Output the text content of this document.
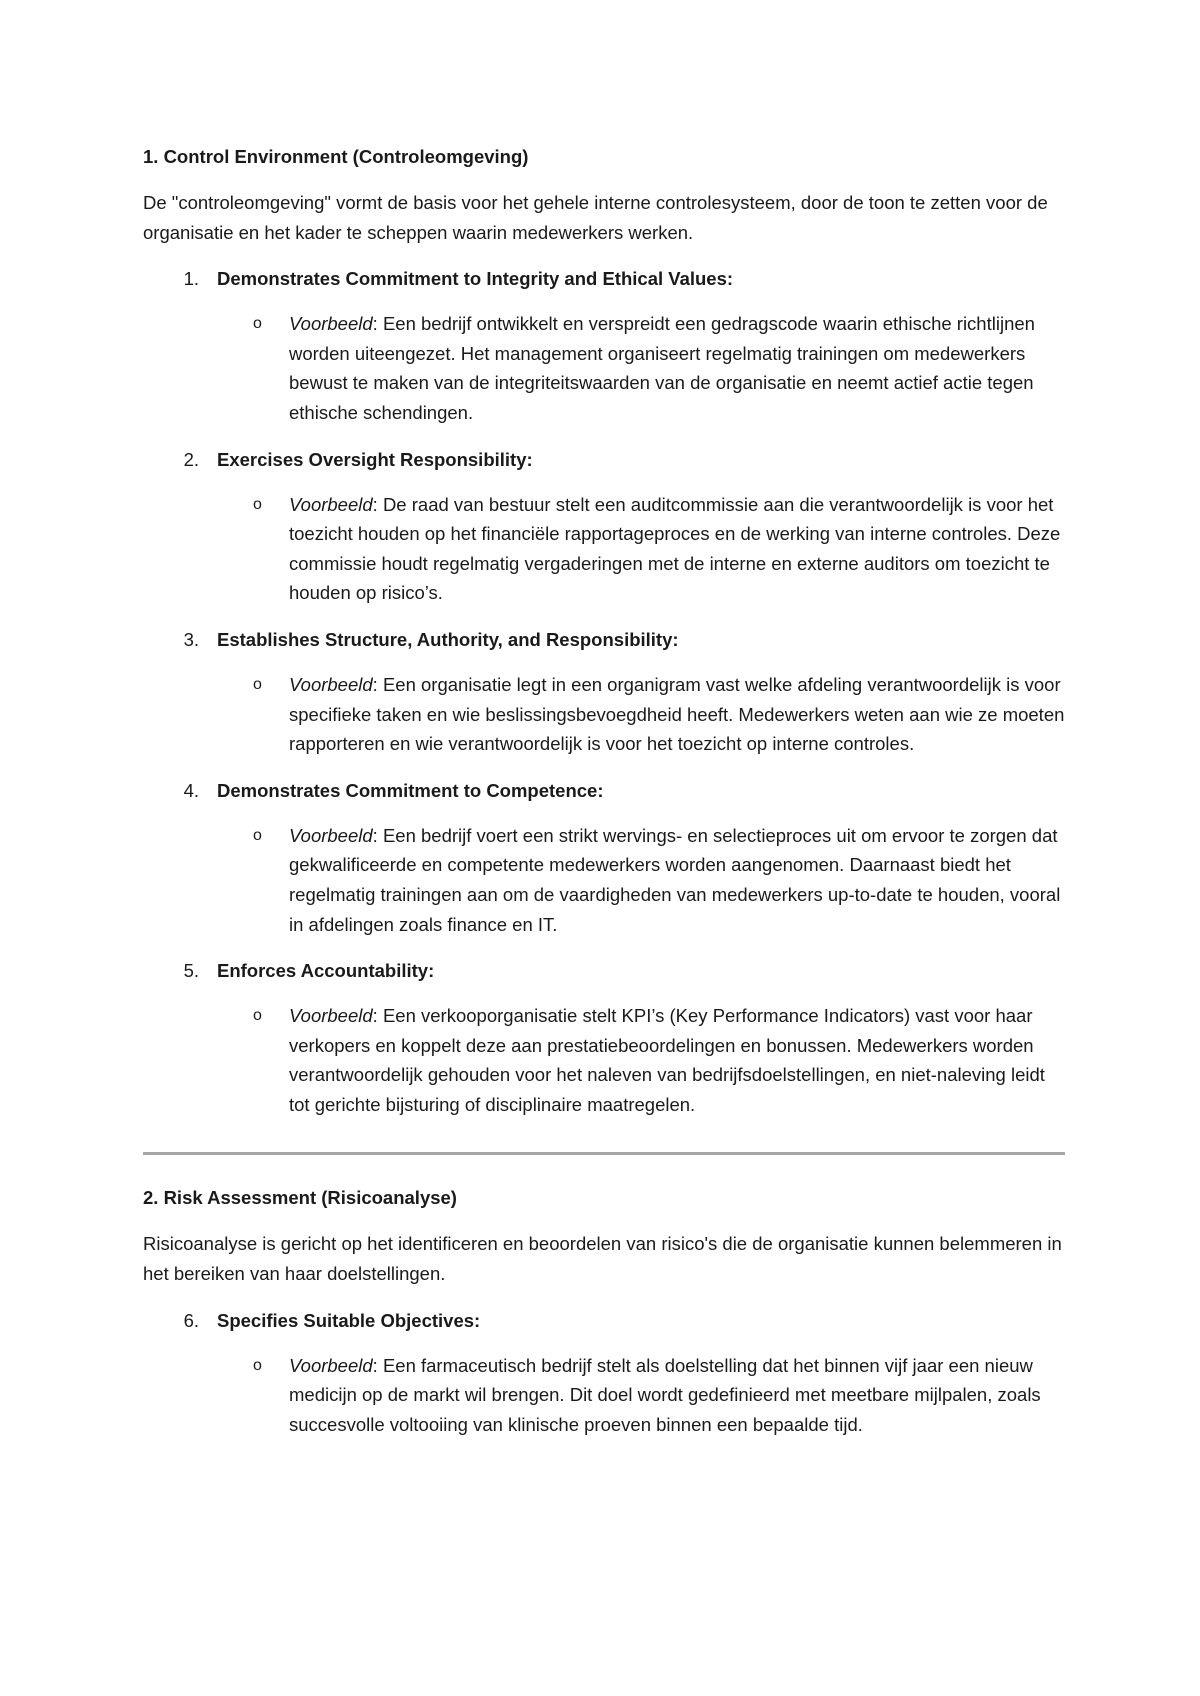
1. Control Environment (Controleomgeving)

De "controleomgeving" vormt de basis voor het gehele interne controlesysteem, door de toon te zetten voor de organisatie en het kader te scheppen waarin medewerkers werken.

1. Demonstrates Commitment to Integrity and Ethical Values:
o	Voorbeeld: Een bedrijf ontwikkelt en verspreidt een gedragscode waarin ethische richtlijnen worden uiteengezet. Het management organiseert regelmatig trainingen om medewerkers bewust te maken van de integriteitswaarden van de organisatie en neemt actief actie tegen ethische schendingen.
2. Exercises Oversight Responsibility:
o	Voorbeeld: De raad van bestuur stelt een auditcommissie aan die verantwoordelijk is voor het toezicht houden op het financiële rapportageproces en de werking van interne controles. Deze commissie houdt regelmatig vergaderingen met de interne en externe auditors om toezicht te houden op risico’s.
3. Establishes Structure, Authority, and Responsibility:
o	Voorbeeld: Een organisatie legt in een organigram vast welke afdeling verantwoordelijk is voor specifieke taken en wie beslissingsbevoegdheid heeft. Medewerkers weten aan wie ze moeten rapporteren en wie verantwoordelijk is voor het toezicht op interne controles.
4. Demonstrates Commitment to Competence:
o	Voorbeeld: Een bedrijf voert een strikt wervings- en selectieproces uit om ervoor te zorgen dat gekwalificeerde en competente medewerkers worden aangenomen. Daarnaast biedt het regelmatig trainingen aan om de vaardigheden van medewerkers up-to-date te houden, vooral in afdelingen zoals finance en IT.
5. Enforces Accountability:
o	Voorbeeld: Een verkooporganisatie stelt KPI’s (Key Performance Indicators) vast voor haar verkopers en koppelt deze aan prestatiebeoordelingen en bonussen. Medewerkers worden verantwoordelijk gehouden voor het naleven van bedrijfsdoelstellingen, en niet-naleving leidt tot gerichte bijsturing of disciplinaire maatregelen.
2. Risk Assessment (Risicoanalyse)

Risicoanalyse is gericht op het identificeren en beoordelen van risico's die de organisatie kunnen belemmeren in het bereiken van haar doelstellingen.

6. Specifies Suitable Objectives:
o	Voorbeeld: Een farmaceutisch bedrijf stelt als doelstelling dat het binnen vijf jaar een nieuw medicijn op de markt wil brengen. Dit doel wordt gedefinieerd met meetbare mijlpalen, zoals succesvolle voltooiing van klinische proeven binnen een bepaalde tijd.
